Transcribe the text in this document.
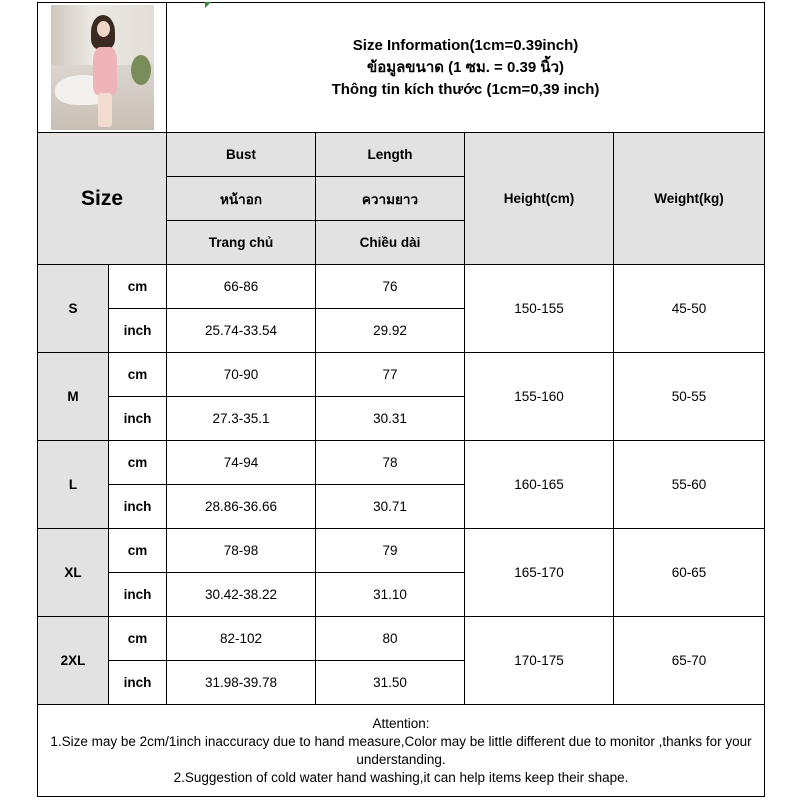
		Size Information(1cm=0.39inch)
ข้อมูลขนาด (1 ซม. = 0.39 นิ้ว)
Thông tin kích thước (1cm=0,39 inch)			

Size		Bust	Length	Height(cm)	Weight(kg)
		หน้าอก	ความยาว		
		Trang chủ	Chiều dài		
S	cm	66-86	76	150-155	45-50
	inch	25.74-33.54	29.92		
M	cm	70-90	77	155-160	50-55
	inch	27.3-35.1	30.31		
L	cm	74-94	78	160-165	55-60
	inch	28.86-36.66	30.71		
XL	cm	78-98	79	165-170	60-65
	inch	30.42-38.22	31.10		
2XL	cm	82-102	80	170-175	65-70
	inch	31.98-39.78	31.50		

Attention:
1.Size may be 2cm/1inch inaccuracy due to hand measure,Color may be little different due to monitor ,thanks for your understanding.
2.Suggestion of cold water hand washing,it can help items keep their shape.					
